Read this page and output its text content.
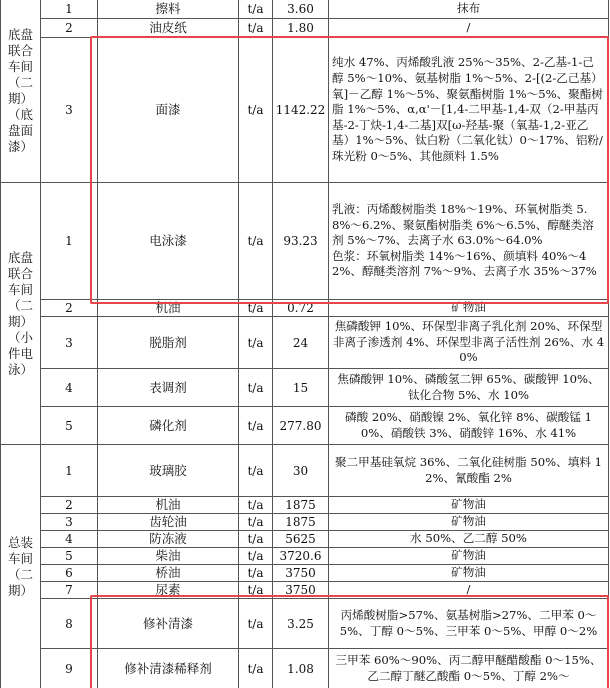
底盘联合车间（二期）（底盘面漆）	1	擦料	t/a	3.60	抹布

	2	油皮纸	t/a	1.80	/

	3	面漆	t/a	1142.22	纯水 47%、丙烯酸乳液 25%～35%、2-乙基-1-己醇 5%～10%、氨基树脂 1%～5%、2-[(2-乙己基）氧]－乙醇 1%～5%、聚氨酯树脂 1%～5%、聚酯树脂 1%～5%、α,α'－[1,4-二甲基-1,4-双（2-甲基丙基-2-丁炔-1,4-二基]双[ω-羟基-聚（氧基-1,2-亚乙基）1%～5%、钛白粉（二氧化钛）0～17%、铝粉/珠光粉 0～5%、其他颜料 1.5%

底盘联合车间（二期）（小件电泳）	1	电泳漆	t/a	93.23	乳液：丙烯酸树脂类 18%～19%、环氧树脂类 5.8%～6.2%、聚氨酯树脂类 6%～6.5%、醇醚类溶剂 5%～7%、去离子水 63.0%～64.0%
色浆：环氧树脂类 14%～16%、颜填料 40%～42%、醇醚类溶剂 7%～9%、去离子水 35%～37%

	2	机油	t/a	0.72	矿物油

	3	脱脂剂	t/a	24	焦磷酸钾 10%、环保型非离子乳化剂 20%、环保型非离子渗透剂 4%、环保型非离子活性剂 26%、水 40%

	4	表调剂	t/a	15	焦磷酸钾 10%、磷酸氢二钾 65%、碳酸钾 10%、钛化合物 5%、水 10%

	5	磷化剂	t/a	277.80	磷酸 20%、硝酸镍 2%、氧化锌 8%、碳酸锰 10%、硝酸铁 3%、硝酸锌 16%、水 41%

总装车间（二期）	1	玻璃胶	t/a	30	聚二甲基硅氧烷 36%、二氧化硅树脂 50%、填料 12%、氰酸酯 2%

	2	机油	t/a	1875	矿物油

	3	齿轮油	t/a	1875	矿物油

	4	防冻液	t/a	5625	水 50%、乙二醇 50%

	5	柴油	t/a	3720.6	矿物油

	6	桥油	t/a	3750	矿物油

	7	尿素	t/a	3750	/

	8	修补清漆	t/a	3.25	丙烯酸树脂>57%、氨基树脂>27%、二甲苯 0～5%、丁醇 0～5%、三甲苯 0～5%、甲醇 0～2%

	9	修补清漆稀释剂	t/a	1.08	三甲苯 60%～90%、丙二醇甲醚醋酸酯 0～15%、乙二醇丁醚乙酸酯 0～5%、丁醇 2%～
